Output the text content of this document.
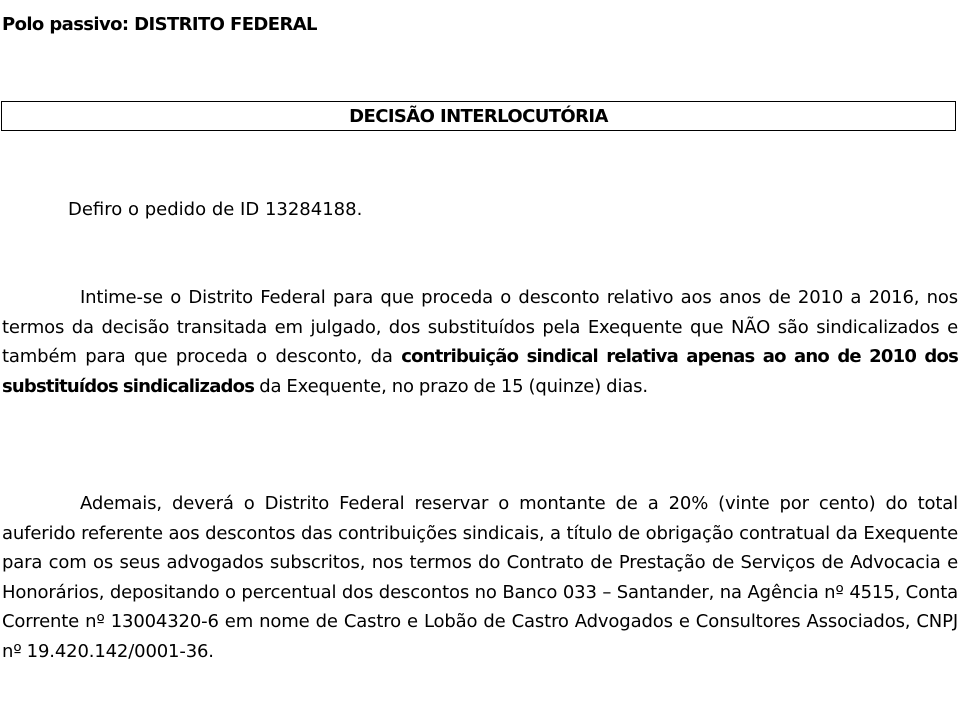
Polo passivo: DISTRITO FEDERAL
DECISÃO INTERLOCUTÓRIA
Defiro o pedido de ID 13284188.
Intime-se o Distrito Federal para que proceda o desconto relativo aos anos de 2010 a 2016, nos termos da decisão transitada em julgado, dos substituídos pela Exequente que NÃO são sindicalizados e também para que proceda o desconto, da contribuição sindical relativa apenas ao ano de 2010 dos substituídos sindicalizados da Exequente, no prazo de 15 (quinze) dias.
Ademais, deverá o Distrito Federal reservar o montante de a 20% (vinte por cento) do total auferido referente aos descontos das contribuições sindicais, a título de obrigação contratual da Exequente para com os seus advogados subscritos, nos termos do Contrato de Prestação de Serviços de Advocacia e Honorários, depositando o percentual dos descontos no Banco 033 – Santander, na Agência nº 4515, Conta Corrente nº 13004320-6 em nome de Castro e Lobão de Castro Advogados e Consultores Associados, CNPJ nº 19.420.142/0001-36.
